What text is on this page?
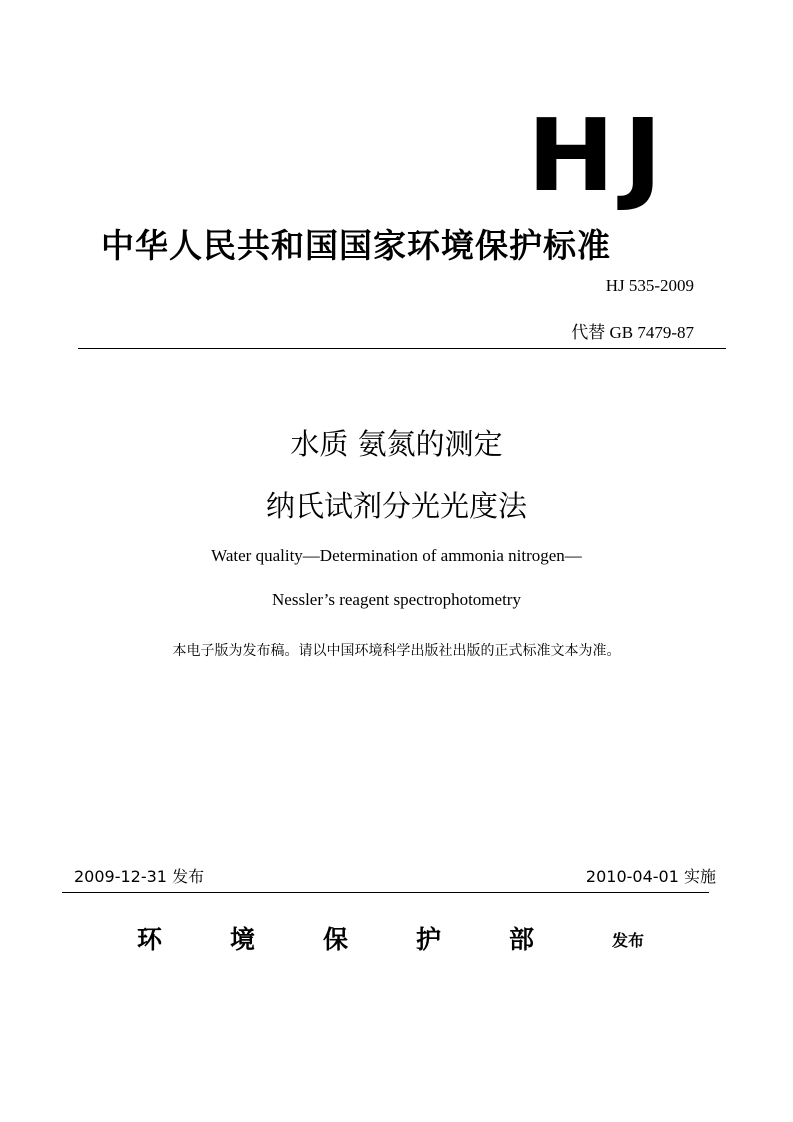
HJ
中华人民共和国国家环境保护标准
HJ 535-2009
代替 GB 7479-87
水质 氨氮的测定
纳氏试剂分光光度法
Water quality—Determination of ammonia nitrogen—
Nessler’s reagent spectrophotometry
本电子版为发布稿。请以中国环境科学出版社出版的正式标准文本为准。
2009-12-31 发布	2010-04-01 实施
环	境	保	护	部	发布
